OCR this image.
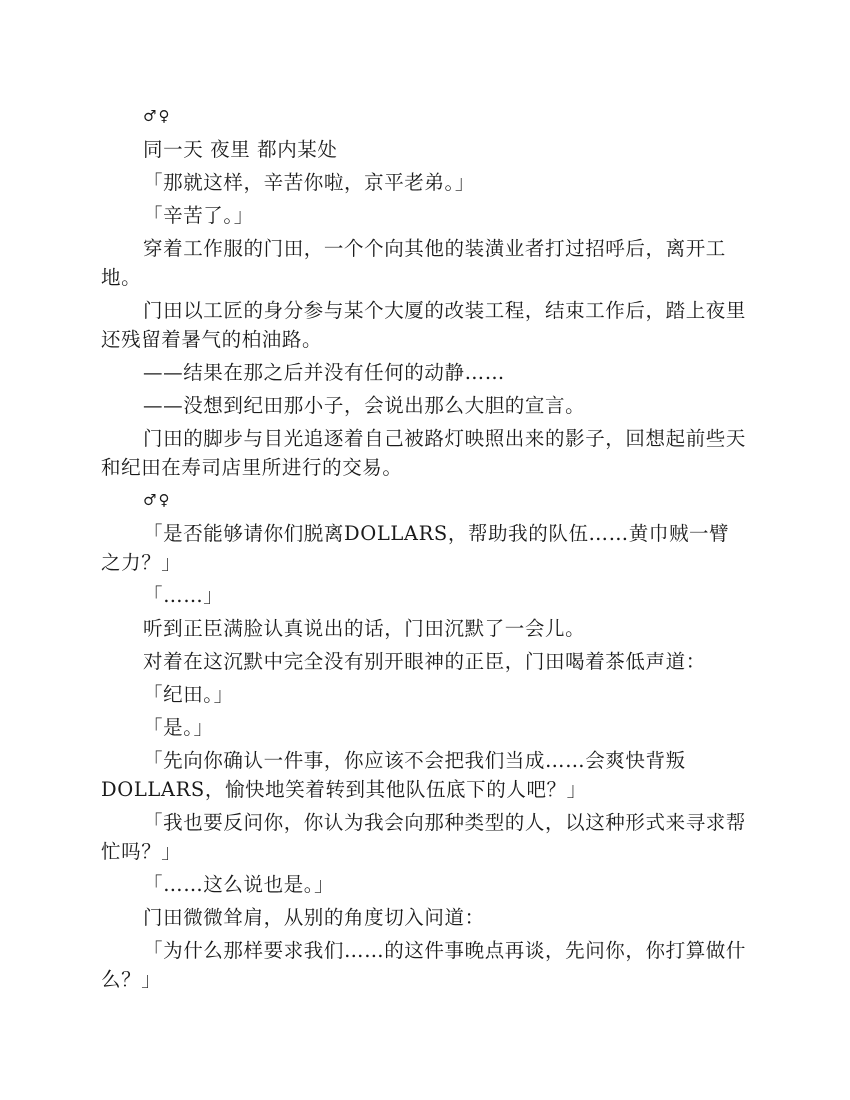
♂♀

同一天 夜里 都内某处

「那就这样，辛苦你啦，京平老弟。」

「辛苦了。」

穿着工作服的门田，一个个向其他的装潢业者打过招呼后，离开工地。

门田以工匠的身分参与某个大厦的改装工程，结束工作后，踏上夜里还残留着暑气的柏油路。

——结果在那之后并没有任何的动静……

——没想到纪田那小子，会说出那么大胆的宣言。

门田的脚步与目光追逐着自己被路灯映照出来的影子，回想起前些天和纪田在寿司店里所进行的交易。

♂♀

「是否能够请你们脱离DOLLARS，帮助我的队伍……黄巾贼一臂之力？」

「……」

听到正臣满脸认真说出的话，门田沉默了一会儿。

对着在这沉默中完全没有别开眼神的正臣，门田喝着茶低声道：

「纪田。」

「是。」

「先向你确认一件事，你应该不会把我们当成……会爽快背叛DOLLARS，愉快地笑着转到其他队伍底下的人吧？」

「我也要反问你，你认为我会向那种类型的人，以这种形式来寻求帮忙吗？」

「……这么说也是。」

门田微微耸肩，从别的角度切入问道：

「为什么那样要求我们……的这件事晚点再谈，先问你，你打算做什么？」
